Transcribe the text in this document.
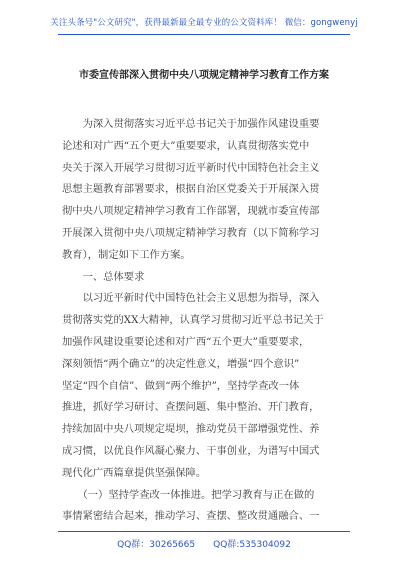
关注头条号"公文研究"，获得最新最全最专业的公文资料库！ 微信：gongwenyj
市委宣传部深入贯彻中央八项规定精神学习教育工作方案
　　为深入贯彻落实习近平总书记关于加强作风建设重要
论述和对广西“五个更大”重要要求，认真贯彻落实党中
央关于深入开展学习贯彻习近平新时代中国特色社会主义
思想主题教育部署要求，根据自治区党委关于开展深入贯
彻中央八项规定精神学习教育工作部署，现就市委宣传部
开展深入贯彻中央八项规定精神学习教育（以下简称学习
教育），制定如下工作方案。
　　一、总体要求
　　以习近平新时代中国特色社会主义思想为指导，深入
贯彻落实党的XX大精神，认真学习贯彻习近平总书记关于
加强作风建设重要论述和对广西“五个更大”重要要求，
深刻领悟“两个确立”的决定性意义，增强“四个意识”
坚定“四个自信”、做到“两个维护”，坚持学查改一体
推进，抓好学习研讨、查摆问题、集中整治、开门教育，
持续加固中央八项规定堤坝，推动党员干部增强党性、养
成习惯，以优良作风凝心聚力、干事创业，为谱写中国式
现代化广西篇章提供坚强保障。
　　（一）坚持学查改一体推进。把学习教育与正在做的
事情紧密结合起来，推动学习、查摆、整改贯通融合、一
QQ群：30265665　　 QQ群:535304092
